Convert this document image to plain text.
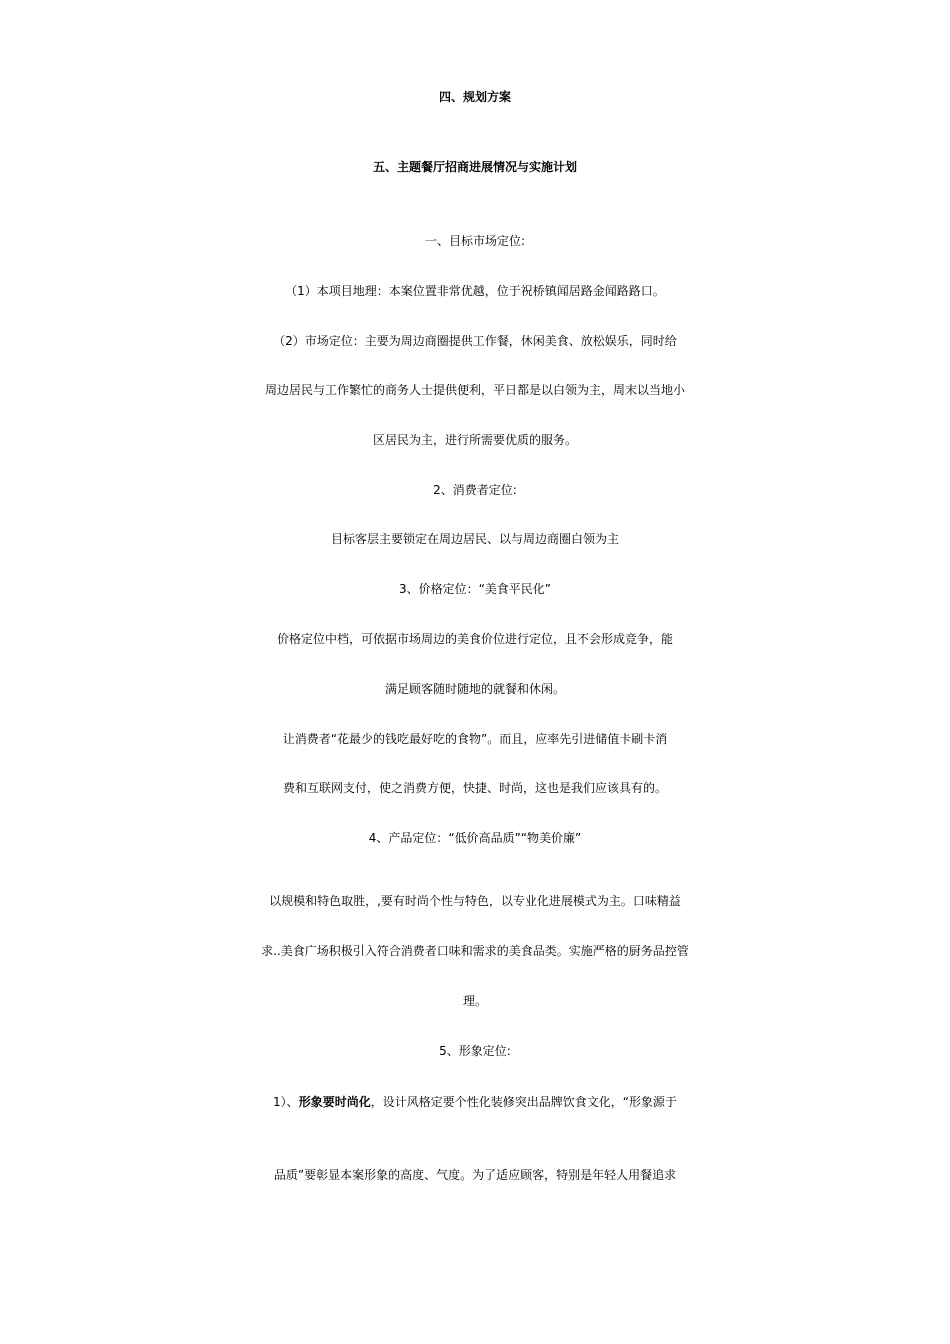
四、规划方案
五、主题餐厅招商进展情况与实施计划
一、目标市场定位:
（1）本项目地理：本案位置非常优越，位于祝桥镇闻居路金闻路路口。
（2）市场定位：主要为周边商圈提供工作餐，休闲美食、放松娱乐，同时给
周边居民与工作繁忙的商务人士提供便利，平日都是以白领为主，周末以当地小
区居民为主，进行所需要优质的服务。
2、消费者定位:
目标客层主要锁定在周边居民、以与周边商圈白领为主
3、价格定位：“美食平民化”
价格定位中档，可依据市场周边的美食价位进行定位，且不会形成竞争，能
满足顾客随时随地的就餐和休闲。
让消费者“花最少的钱吃最好吃的食物”。而且，应率先引进储值卡刷卡消
费和互联网支付，使之消费方便，快捷、时尚，这也是我们应该具有的。
4、产品定位：“低价高品质”“物美价廉”
以规模和特色取胜，,要有时尚个性与特色，以专业化进展模式为主。口味精益
求..美食广场积极引入符合消费者口味和需求的美食品类。实施严格的厨务品控管
理。
5、形象定位:
1）、形象要时尚化，设计风格定要个性化装修突出品牌饮食文化，“形象源于
品质”要彰显本案形象的高度、气度。为了适应顾客，特别是年轻人用餐追求
